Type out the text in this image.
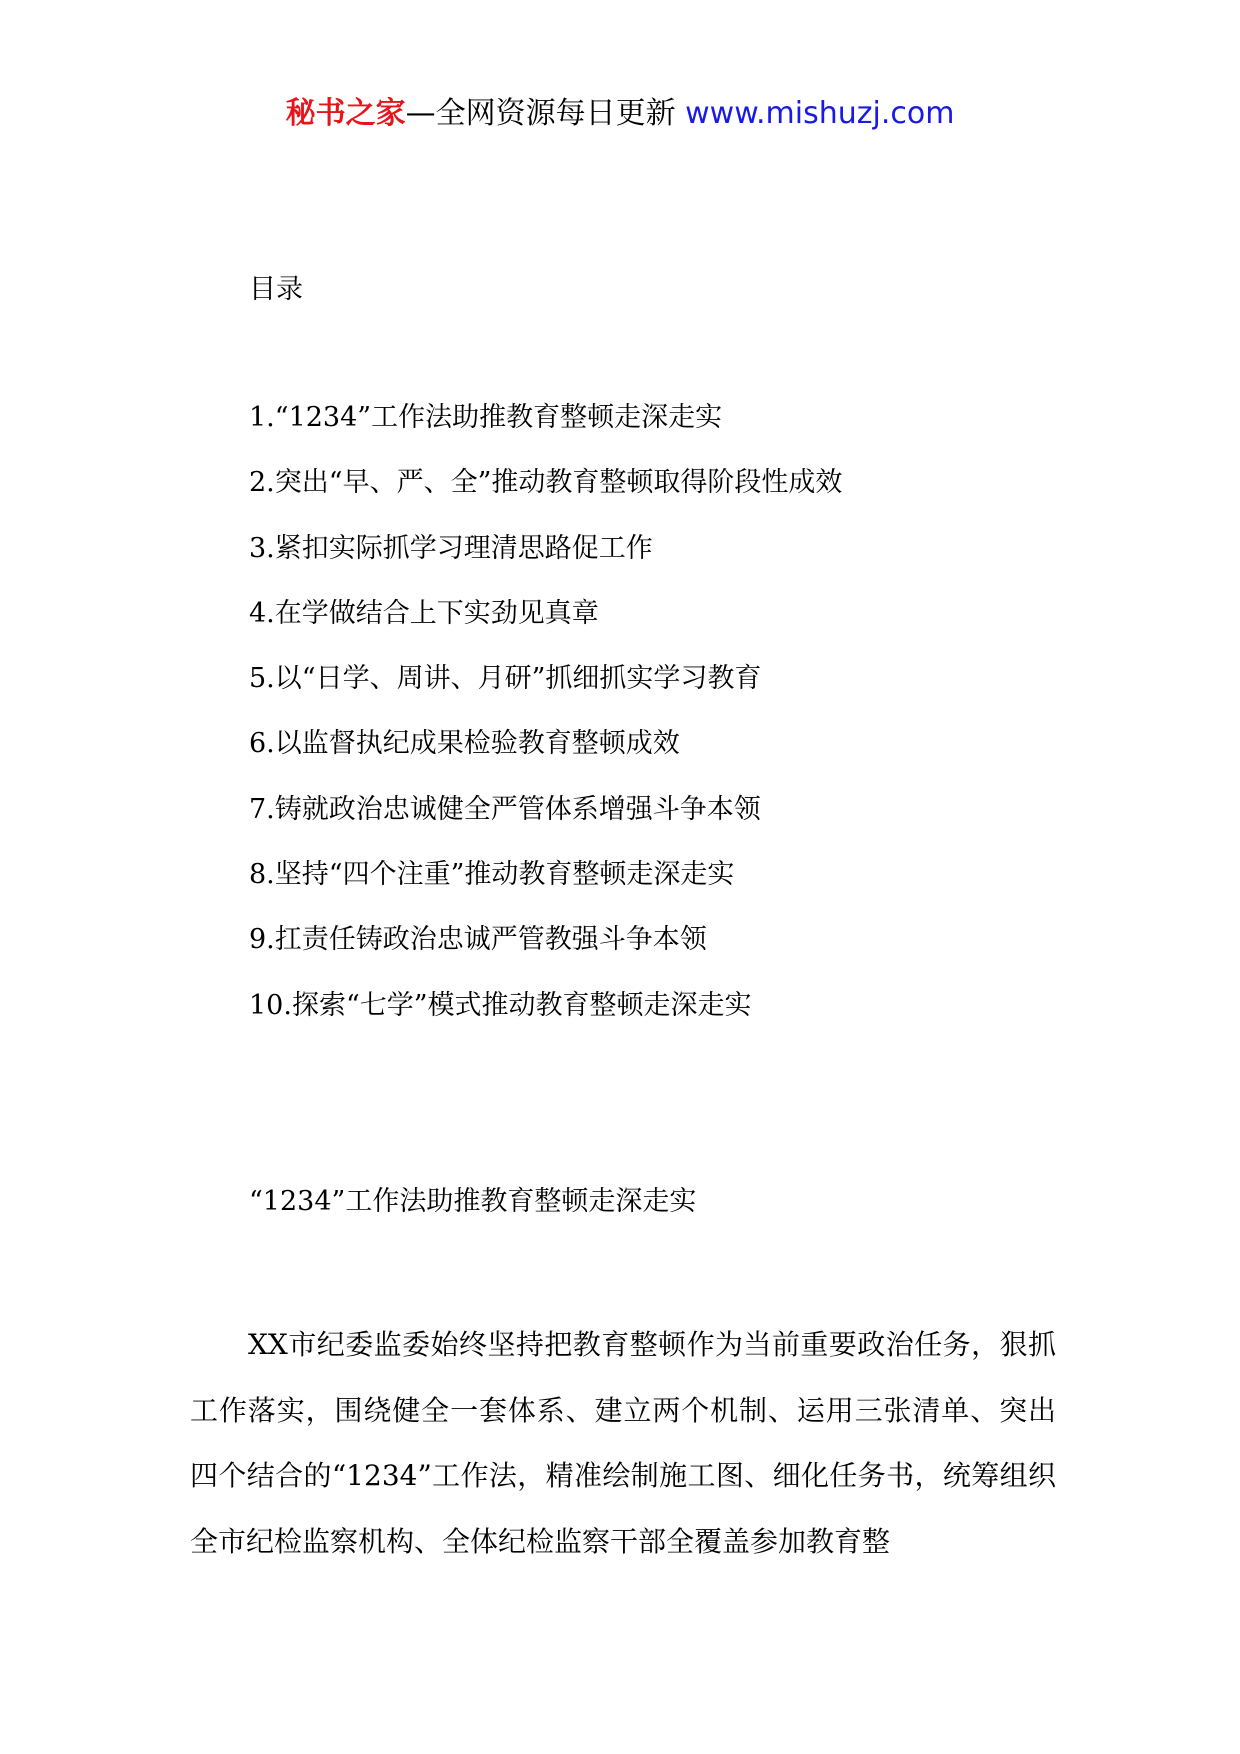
秘书之家—全网资源每日更新 www.mishuzj.com
目录
1.“1234”工作法助推教育整顿走深走实
2.突出“早、严、全”推动教育整顿取得阶段性成效
3.紧扣实际抓学习理清思路促工作
4.在学做结合上下实劲见真章
5.以“日学、周讲、月研”抓细抓实学习教育
6.以监督执纪成果检验教育整顿成效
7.铸就政治忠诚健全严管体系增强斗争本领
8.坚持“四个注重”推动教育整顿走深走实
9.扛责任铸政治忠诚严管教强斗争本领
10.探索“七学”模式推动教育整顿走深走实
“1234”工作法助推教育整顿走深走实

XX市纪委监委始终坚持把教育整顿作为当前重要政治任务，狠抓工作落实，围绕健全一套体系、建立两个机制、运用三张清单、突出四个结合的“1234”工作法，精准绘制施工图、细化任务书，统筹组织全市纪检监察机构、全体纪检监察干部全覆盖参加教育整
